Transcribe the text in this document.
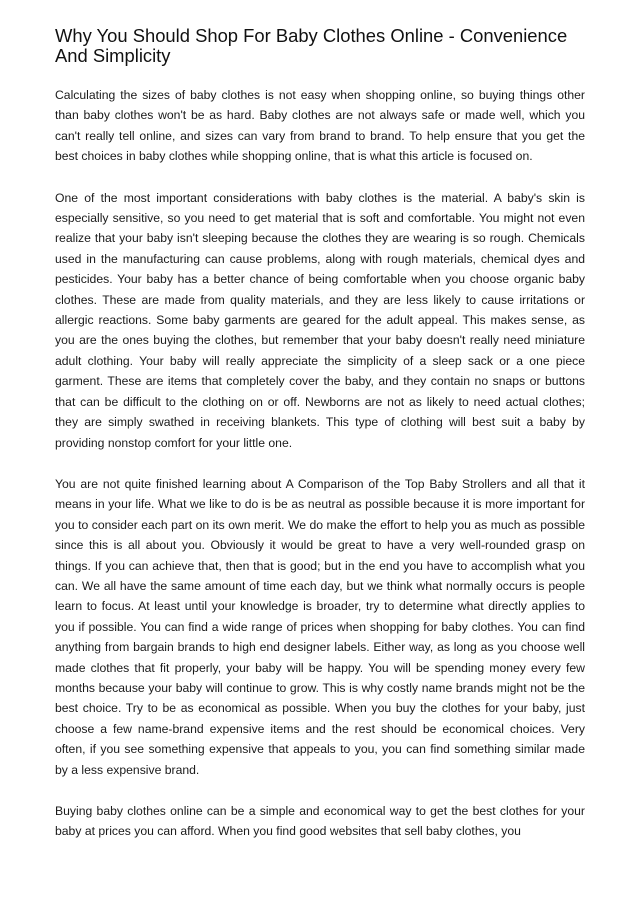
Why You Should Shop For Baby Clothes Online - Convenience And Simplicity

Calculating the sizes of baby clothes is not easy when shopping online, so buying things other than baby clothes won't be as hard. Baby clothes are not always safe or made well, which you can't really tell online, and sizes can vary from brand to brand. To help ensure that you get the best choices in baby clothes while shopping online, that is what this article is focused on.

One of the most important considerations with baby clothes is the material. A baby's skin is especially sensitive, so you need to get material that is soft and comfortable. You might not even realize that your baby isn't sleeping because the clothes they are wearing is so rough. Chemicals used in the manufacturing can cause problems, along with rough materials, chemical dyes and pesticides. Your baby has a better chance of being comfortable when you choose organic baby clothes. These are made from quality materials, and they are less likely to cause irritations or allergic reactions. Some baby garments are geared for the adult appeal. This makes sense, as you are the ones buying the clothes, but remember that your baby doesn't really need miniature adult clothing. Your baby will really appreciate the simplicity of a sleep sack or a one piece garment. These are items that completely cover the baby, and they contain no snaps or buttons that can be difficult to the clothing on or off. Newborns are not as likely to need actual clothes; they are simply swathed in receiving blankets. This type of clothing will best suit a baby by providing nonstop comfort for your little one.

You are not quite finished learning about A Comparison of the Top Baby Strollers and all that it means in your life. What we like to do is be as neutral as possible because it is more important for you to consider each part on its own merit. We do make the effort to help you as much as possible since this is all about you. Obviously it would be great to have a very well-rounded grasp on things. If you can achieve that, then that is good; but in the end you have to accomplish what you can. We all have the same amount of time each day, but we think what normally occurs is people learn to focus. At least until your knowledge is broader, try to determine what directly applies to you if possible. You can find a wide range of prices when shopping for baby clothes. You can find anything from bargain brands to high end designer labels. Either way, as long as you choose well made clothes that fit properly, your baby will be happy. You will be spending money every few months because your baby will continue to grow. This is why costly name brands might not be the best choice. Try to be as economical as possible. When you buy the clothes for your baby, just choose a few name-brand expensive items and the rest should be economical choices. Very often, if you see something expensive that appeals to you, you can find something similar made by a less expensive brand.

Buying baby clothes online can be a simple and economical way to get the best clothes for your baby at prices you can afford. When you find good websites that sell baby clothes, you
